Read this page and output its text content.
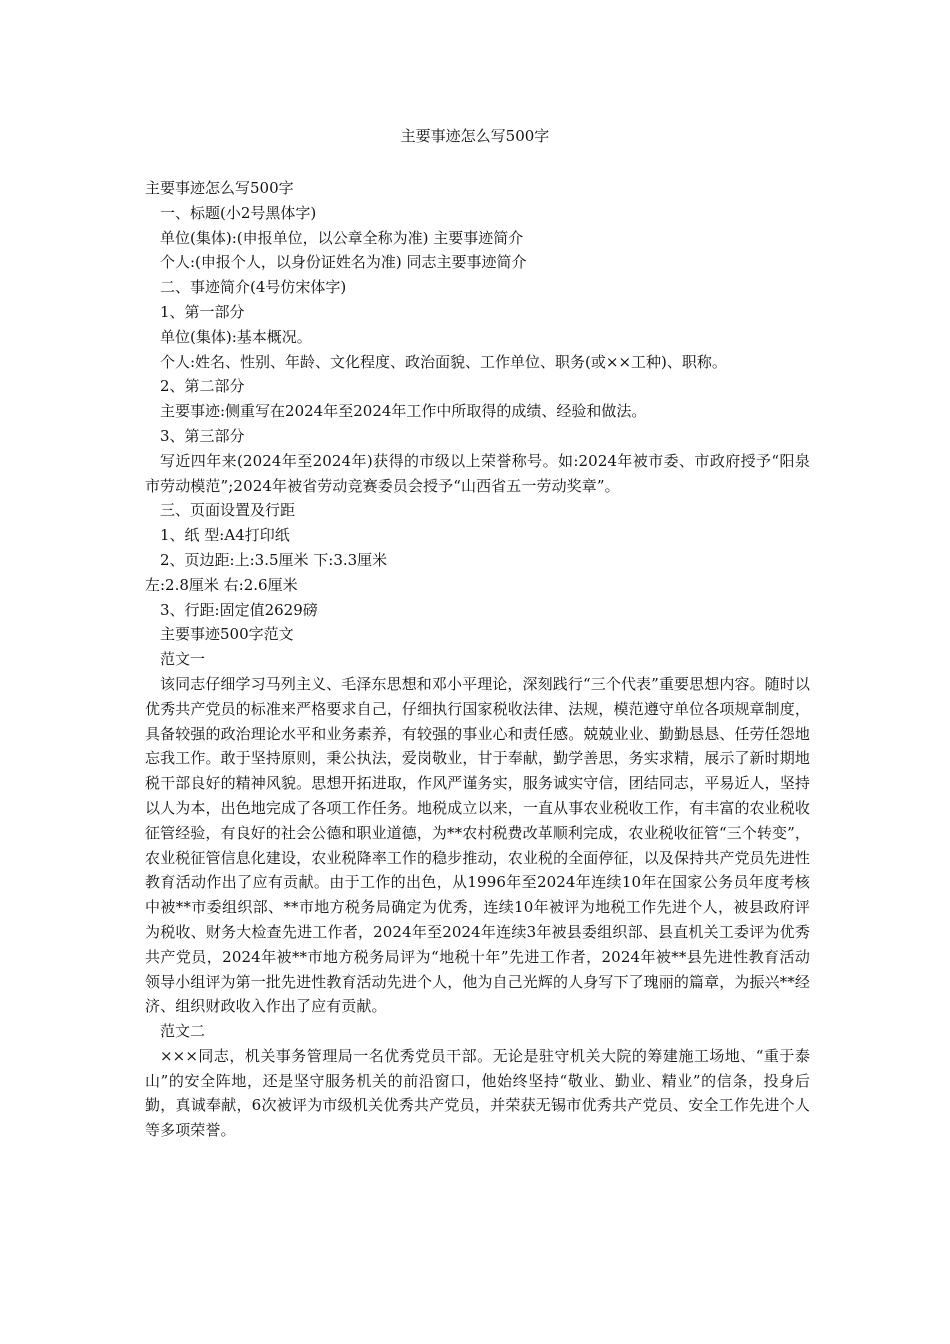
主要事迹怎么写500字

主要事迹怎么写500字

一、标题(小2号黑体字)

单位(集体):(申报单位，以公章全称为准) 主要事迹简介

个人:(申报个人，以身份证姓名为准) 同志主要事迹简介

二、事迹简介(4号仿宋体字)

1、第一部分

单位(集体):基本概况。

个人:姓名、性别、年龄、文化程度、政治面貌、工作单位、职务(或××工种)、职称。

2、第二部分

主要事迹:侧重写在2024年至2024年工作中所取得的成绩、经验和做法。

3、第三部分

写近四年来(2024年至2024年)获得的市级以上荣誉称号。如:2024年被市委、市政府授予“阳泉市劳动模范”;2024年被省劳动竞赛委员会授予“山西省五一劳动奖章”。

三、页面设置及行距

1、纸 型:A4打印纸

2、页边距:上:3.5厘米 下:3.3厘米

左:2.8厘米 右:2.6厘米

3、行距:固定值2629磅

主要事迹500字范文

范文一

该同志仔细学习马列主义、毛泽东思想和邓小平理论，深刻践行“三个代表”重要思想内容。随时以优秀共产党员的标准来严格要求自己，仔细执行国家税收法律、法规，模范遵守单位各项规章制度，具备较强的政治理论水平和业务素养，有较强的事业心和责任感。兢兢业业、勤勤恳恳、任劳任怨地忘我工作。敢于坚持原则，秉公执法，爱岗敬业，甘于奉献，勤学善思，务实求精，展示了新时期地税干部良好的精神风貌。思想开拓进取，作风严谨务实，服务诚实守信，团结同志，平易近人，坚持以人为本，出色地完成了各项工作任务。地税成立以来，一直从事农业税收工作，有丰富的农业税收征管经验，有良好的社会公德和职业道德，为**农村税费改革顺利完成，农业税收征管“三个转变”，农业税征管信息化建设，农业税降率工作的稳步推动，农业税的全面停征，以及保持共产党员先进性教育活动作出了应有贡献。由于工作的出色，从1996年至2024年连续10年在国家公务员年度考核中被**市委组织部、**市地方税务局确定为优秀，连续10年被评为地税工作先进个人，被县政府评为税收、财务大检查先进工作者，2024年至2024年连续3年被县委组织部、县直机关工委评为优秀共产党员，2024年被**市地方税务局评为“地税十年”先进工作者，2024年被**县先进性教育活动领导小组评为第一批先进性教育活动先进个人，他为自己光辉的人身写下了瑰丽的篇章，为振兴**经济、组织财政收入作出了应有贡献。

范文二

×××同志，机关事务管理局一名优秀党员干部。无论是驻守机关大院的筹建施工场地、“重于泰山”的安全阵地，还是坚守服务机关的前沿窗口，他始终坚持“敬业、勤业、精业”的信条，投身后勤，真诚奉献，6次被评为市级机关优秀共产党员，并荣获无锡市优秀共产党员、安全工作先进个人等多项荣誉。
